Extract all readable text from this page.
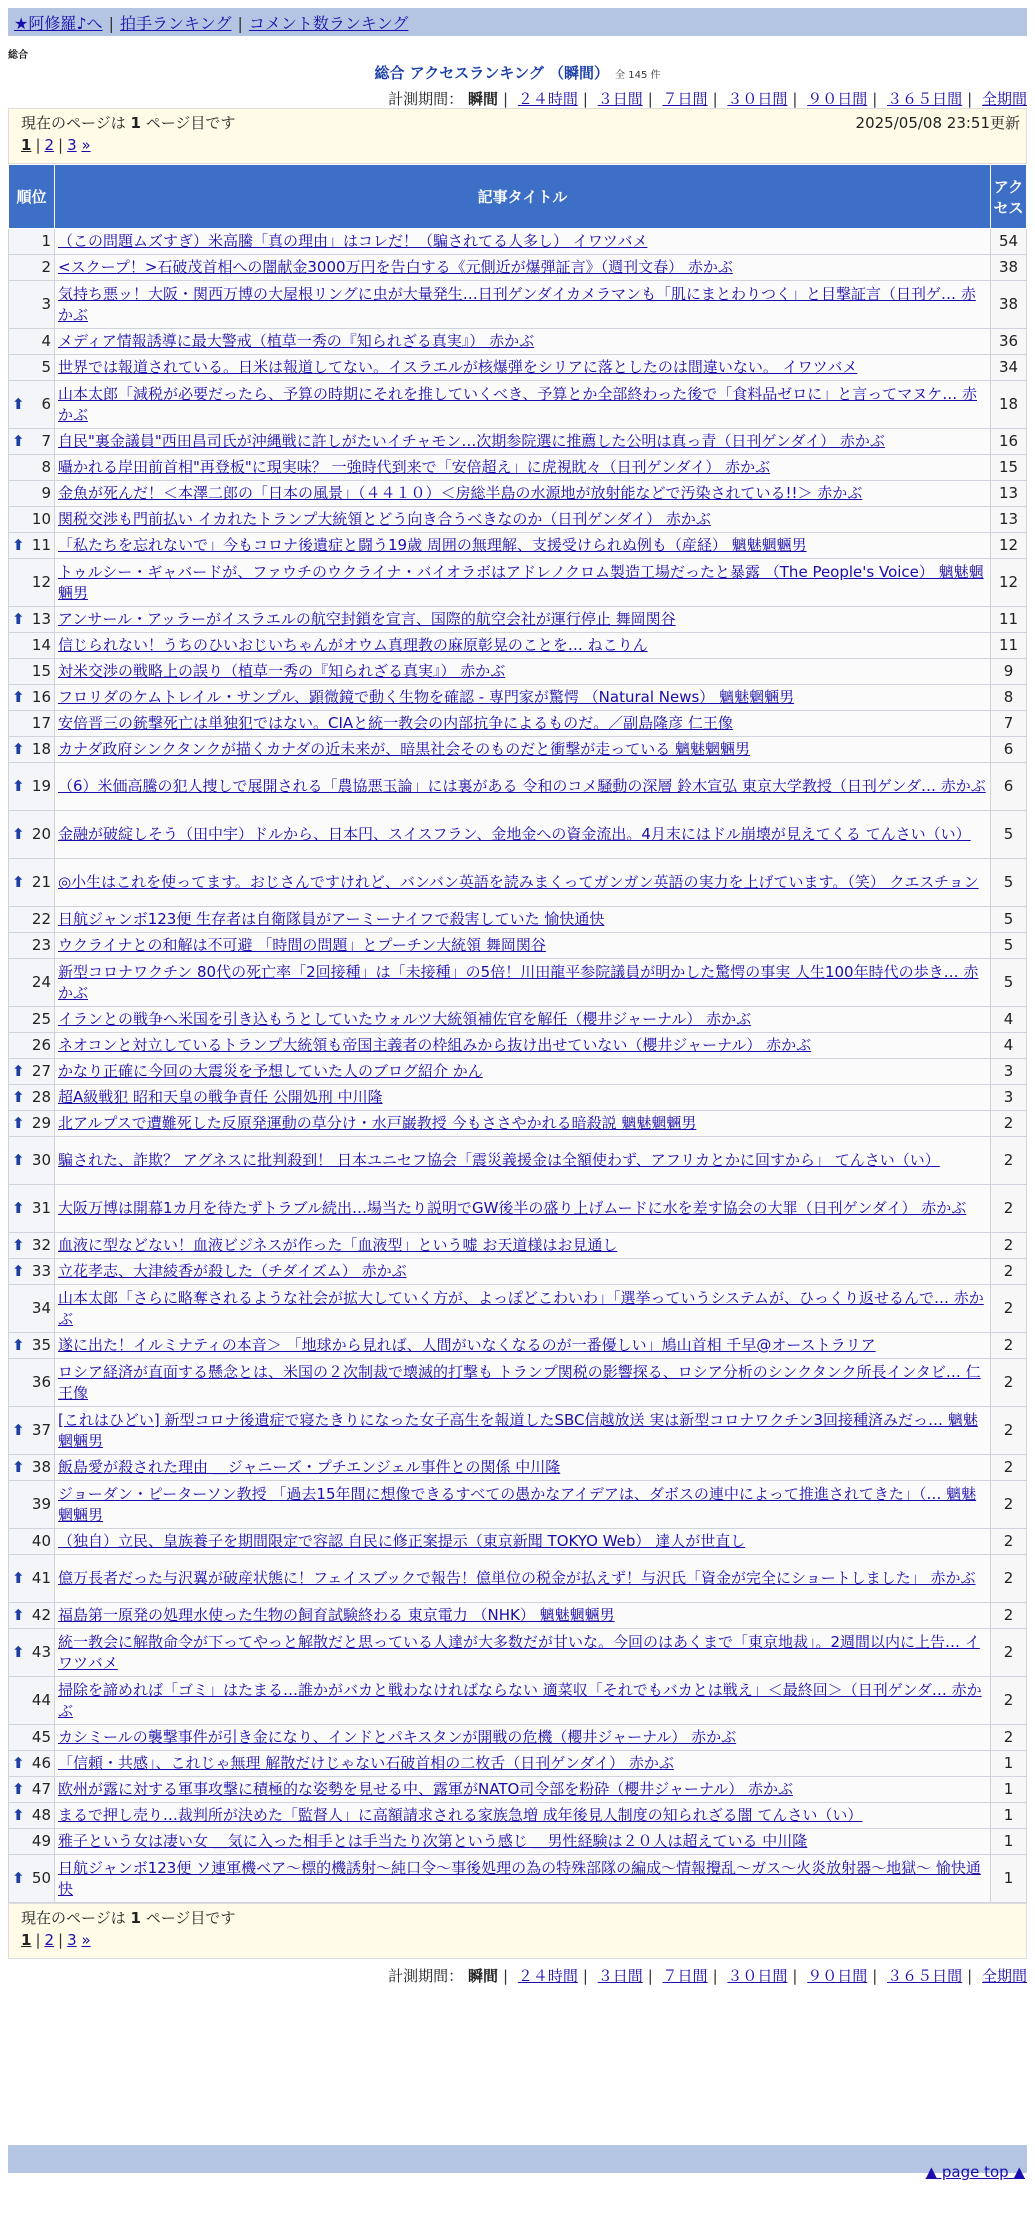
★阿修羅♪へ | 拍手ランキング | コメント数ランキング
総合
総合 アクセスランキング （瞬間） 全 145 件
計測期間： 瞬間 | ２４時間 | ３日間 | ７日間 | ３０日間 | ９０日間 | ３６５日間 | 全期間
現在のページは 1 ページ目です	2025/05/08 23:51更新
1 | 2 | 3 »
順位	記事タイトル	アクセス
1	（この問題ムズすぎ）米高騰「真の理由」はコレだ！（騙されてる人多し） イワツバメ	54
2	<スクープ！>石破茂首相への闇献金3000万円を告白する《元側近が爆弾証言》（週刊文春） 赤かぶ	38
3	気持ち悪ッ！大阪・関西万博の大屋根リングに虫が大量発生…日刊ゲンダイカメラマンも「肌にまとわりつく」と目撃証言（日刊ゲ… 赤かぶ	38
4	メディア情報誘導に最大警戒（植草一秀の『知られざる真実』） 赤かぶ	36
5	世界では報道されている。日米は報道してない。イスラエルが核爆弾をシリアに落としたのは間違いない。 イワツバメ	34

⬆ 6	山本太郎「減税が必要だったら、予算の時期にそれを推していくべき、予算とか全部終わった後で「食料品ゼロに」と言ってマヌケ… 赤かぶ	18

⬆ 7	自民"裏金議員"西田昌司氏が沖縄戦に許しがたいイチャモン…次期参院選に推薦した公明は真っ青（日刊ゲンダイ） 赤かぶ	16
8	囁かれる岸田前首相"再登板"に現実味？ 一強時代到来で「安倍超え」に虎視眈々（日刊ゲンダイ） 赤かぶ	15
9	金魚が死んだ！＜本澤二郎の「日本の風景」（４４１０）＜房総半島の水源地が放射能などで汚染されている!!＞ 赤かぶ	13
10	関税交渉も門前払い イカれたトランプ大統領とどう向き合うべきなのか（日刊ゲンダイ） 赤かぶ	13

⬆ 11	「私たちを忘れないで」今もコロナ後遺症と闘う19歳 周囲の無理解、支援受けられぬ例も（産経） 魑魅魍魎男	12
12	トゥルシー・ギャバードが、ファウチのウクライナ・バイオラボはアドレノクロム製造工場だったと暴露 （The People's Voice） 魑魅魍魎男	12

⬆ 13	アンサール・アッラーがイスラエルの航空封鎖を宣言、国際的航空会社が運行停止 舞岡関谷	11
14	信じられない！うちのひいおじいちゃんがオウム真理教の麻原彰晃のことを… ねこりん	11
15	対米交渉の戦略上の誤り（植草一秀の『知られざる真実』） 赤かぶ	9

⬆ 16	フロリダのケムトレイル・サンプル、顕微鏡で動く生物を確認 - 専門家が驚愕 （Natural News） 魑魅魍魎男	8
17	安倍晋三の銃撃死亡は単独犯ではない。CIAと統一教会の内部抗争によるものだ。／副島隆彦 仁王像	7

⬆ 18	カナダ政府シンクタンクが描くカナダの近未来が、暗黒社会そのものだと衝撃が走っている 魑魅魍魎男	6

⬆ 19	（6）米価高騰の犯人捜しで展開される「農協悪玉論」には裏がある 令和のコメ騒動の深層 鈴木宣弘 東京大学教授（日刊ゲンダ… 赤かぶ	6

⬆ 20	金融が破綻しそう（田中宇）ドルから、日本円、スイスフラン、金地金への資金流出。4月末にはドル崩壊が見えてくる てんさい（い）	5

⬆ 21	◎小生はこれを使ってます。おじさんですけれど、バンバン英語を読みまくってガンガン英語の実力を上げています。（笑） クエスチョン	5
22	日航ジャンボ123便 生存者は自衛隊員がアーミーナイフで殺害していた 愉快通快	5
23	ウクライナとの和解は不可避 「時間の問題」とプーチン大統領 舞岡関谷	5
24	新型コロナワクチン 80代の死亡率「2回接種」は「未接種」の5倍！川田龍平参院議員が明かした驚愕の事実 人生100年時代の歩き… 赤かぶ	5
25	イランとの戦争へ米国を引き込もうとしていたウォルツ大統領補佐官を解任（櫻井ジャーナル） 赤かぶ	4
26	ネオコンと対立しているトランプ大統領も帝国主義者の枠組みから抜け出せていない（櫻井ジャーナル） 赤かぶ	4

⬆ 27	かなり正確に今回の大震災を予想していた人のブログ紹介 かん	3

⬆ 28	超A級戦犯 昭和天皇の戦争責任 公開処刑 中川隆	3

⬆ 29	北アルプスで遭難死した反原発運動の草分け・水戸巌教授 今もささやかれる暗殺説 魑魅魍魎男	2

⬆ 30	騙された、詐欺？ アグネスに批判殺到！ 日本ユニセフ協会「震災義援金は全額使わず、アフリカとかに回すから」 てんさい（い）	2

⬆ 31	大阪万博は開幕1カ月を待たずトラブル続出…場当たり説明でGW後半の盛り上げムードに水を差す協会の大罪（日刊ゲンダイ） 赤かぶ	2

⬆ 32	血液に型などない！血液ビジネスが作った「血液型」という嘘 お天道様はお見通し	2

⬆ 33	立花孝志、大津綾香が殺した（チダイズム） 赤かぶ	2
34	山本太郎「さらに略奪されるような社会が拡大していく方が、よっぽどこわいわ」「選挙っていうシステムが、ひっくり返せるんで… 赤かぶ	2

⬆ 35	遂に出た！イルミナティの本音＞ 「地球から見れば、人間がいなくなるのが一番優しい」鳩山首相 千早@オーストラリア	2
36	ロシア経済が直面する懸念とは、米国の２次制裁で壊滅的打撃も トランプ関税の影響探る、ロシア分析のシンクタンク所長インタビ… 仁王像	2

⬆ 37	[これはひどい] 新型コロナ後遺症で寝たきりになった女子高生を報道したSBC信越放送 実は新型コロナワクチン3回接種済みだっ… 魑魅魍魎男	2

⬆ 38	飯島愛が殺された理由 ＿ジャニーズ・プチエンジェル事件との関係 中川隆	2
39	ジョーダン・ピーターソン教授 「過去15年間に想像できるすべての愚かなアイデアは、ダボスの連中によって推進されてきた」（… 魑魅魍魎男	2
40	（独自）立民、皇族養子を期間限定で容認 自民に修正案提示（東京新聞 TOKYO Web） 達人が世直し	2

⬆ 41	億万長者だった与沢翼が破産状態に！フェイスブックで報告！億単位の税金が払えず！与沢氏「資金が完全にショートしました」 赤かぶ	2

⬆ 42	福島第一原発の処理水使った生物の飼育試験終わる 東京電力 （NHK） 魑魅魍魎男	2

⬆ 43	統一教会に解散命令が下ってやっと解散だと思っている人達が大多数だが甘いな。今回のはあくまで「東京地裁」。2週間以内に上告… イワツバメ	2
44	掃除を諦めれば「ゴミ」はたまる…誰かがバカと戦わなければならない 適菜収「それでもバカとは戦え」＜最終回＞（日刊ゲンダ… 赤かぶ	2
45	カシミールの襲撃事件が引き金になり、インドとパキスタンが開戦の危機（櫻井ジャーナル） 赤かぶ	2

⬆ 46	「信頼・共感」、これじゃ無理 解散だけじゃない石破首相の二枚舌（日刊ゲンダイ） 赤かぶ	1

⬆ 47	欧州が露に対する軍事攻撃に積極的な姿勢を見せる中、露軍がNATO司令部を粉砕（櫻井ジャーナル） 赤かぶ	1

⬆ 48	まるで押し売り…裁判所が決めた「監督人」に高額請求される家族急増 成年後見人制度の知られざる闇 てんさい（い）	1
49	雅子という女は凄い女 ＿気に入った相手とは手当たり次第という感じ ＿男性経験は２０人は超えている 中川隆	1

⬆ 50	日航ジャンボ123便 ソ連軍機ベア～標的機誘射～純口令～事後処理の為の特殊部隊の編成～情報攪乱～ガス～火炎放射器～地獄～ 愉快通快	1
現在のページは 1 ページ目です
1 | 2 | 3 »
計測期間： 瞬間 | ２４時間 | ３日間 | ７日間 | ３０日間 | ９０日間 | ３６５日間 | 全期間
▲ page top ▲
